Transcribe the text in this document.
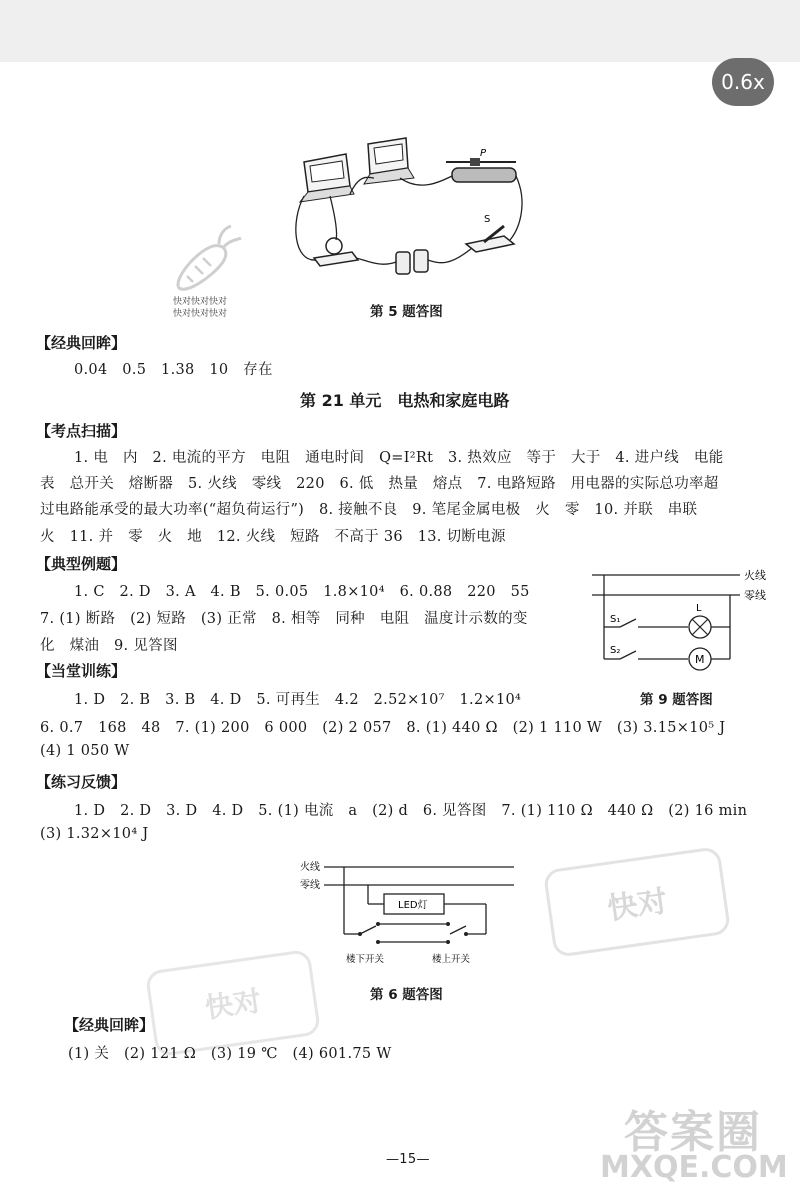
0.6x
快对快对快对
快对快对快对
快对
快对
P
S
第 5 题答图
【经典回眸】
0.04　0.5　1.38　10　存在
第 21 单元　电热和家庭电路
【考点扫描】
1. 电　内　2. 电流的平方　电阻　通电时间　Q=I²Rt　3. 热效应　等于　大于　4. 进户线　电能
表　总开关　熔断器　5. 火线　零线　220　6. 低　热量　熔点　7. 电路短路　用电器的实际总功率超
过电路能承受的最大功率(“超负荷运行”)　8. 接触不良　9. 笔尾金属电极　火　零　10. 并联　串联
火　11. 并　零　火　地　12. 火线　短路　不高于 36　13. 切断电源
【典型例题】
1. C　2. D　3. A　4. B　5. 0.05　1.8×10⁴　6. 0.88　220　55
7. (1) 断路　(2) 短路　(3) 正常　8. 相等　同种　电阻　温度计示数的变
化　煤油　9. 见答图
火线
零线
L
S₁
M
S₂
第 9 题答图
【当堂训练】
1. D　2. B　3. B　4. D　5. 可再生　4.2　2.52×10⁷　1.2×10⁴
6. 0.7　168　48　7. (1) 200　6 000　(2) 2 057　8. (1) 440 Ω　(2) 1 110 W　(3) 3.15×10⁵ J
(4) 1 050 W
【练习反馈】
1. D　2. D　3. D　4. D　5. (1) 电流　a　(2) d　6. 见答图　7. (1) 110 Ω　440 Ω　(2) 16 min
(3) 1.32×10⁴ J
火线
零线
LED灯
楼下开关	楼上开关
第 6 题答图
【经典回眸】
(1) 关　(2) 121 Ω　(3) 19 ℃　(4) 601.75 W
—15—
答案圈
MXQE.COM
